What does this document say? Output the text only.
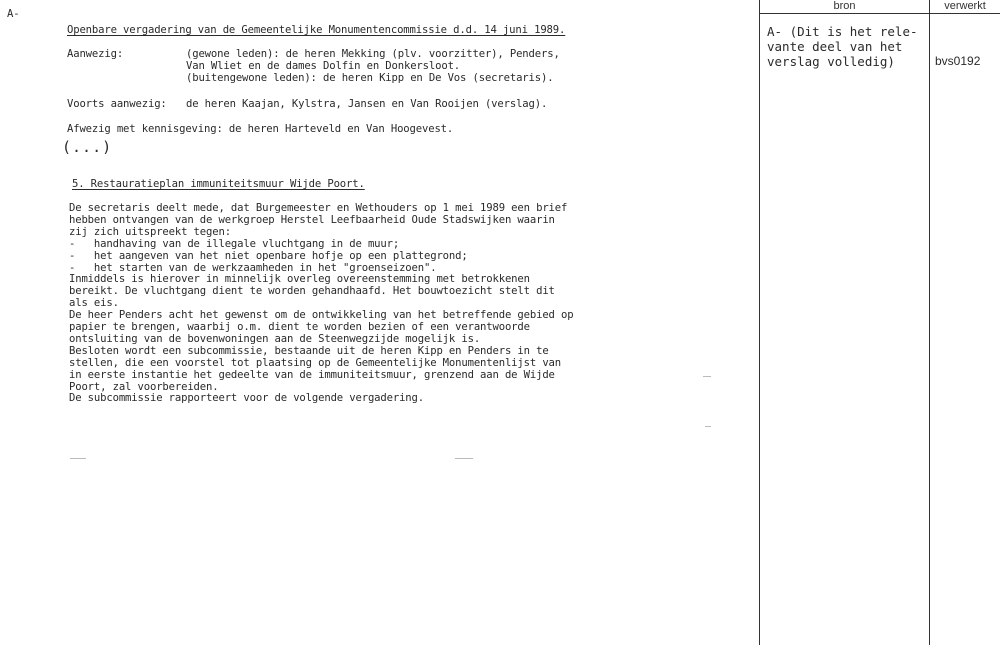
A-
Openbare vergadering van de Gemeentelijke Monumentencommissie d.d. 14 juni 1989.
Aanwezig:	(gewone leden): de heren Mekking (plv. voorzitter), Penders,
Van Wliet en de dames Dolfin en Donkersloot.
(buitengewone leden): de heren Kipp en De Vos (secretaris).
Voorts aanwezig: de heren Kaajan, Kylstra, Jansen en Van Rooijen (verslag).
Afwezig met kennisgeving: de heren Harteveld en Van Hoogevest.
(...)
5. Restauratieplan immuniteitsmuur Wijde Poort.
De secretaris deelt mede, dat Burgemeester en Wethouders op 1 mei 1989 een brief
hebben ontvangen van de werkgroep Herstel Leefbaarheid Oude Stadswijken waarin
zij zich uitspreekt tegen:
-   handhaving van de illegale vluchtgang in de muur;
-   het aangeven van het niet openbare hofje op een plattegrond;
-   het starten van de werkzaamheden in het "groenseizoen".
Inmiddels is hierover in minnelijk overleg overeenstemming met betrokkenen
bereikt. De vluchtgang dient te worden gehandhaafd. Het bouwtoezicht stelt dit
als eis.
De heer Penders acht het gewenst om de ontwikkeling van het betreffende gebied op
papier te brengen, waarbij o.m. dient te worden bezien of een verantwoorde
ontsluiting van de bovenwoningen aan de Steenwegzijde mogelijk is.
Besloten wordt een subcommissie, bestaande uit de heren Kipp en Penders in te
stellen, die een voorstel tot plaatsing op de Gemeentelijke Monumentenlijst van
in eerste instantie het gedeelte van de immuniteitsmuur, grenzend aan de Wijde
Poort, zal voorbereiden.
De subcommissie rapporteert voor de volgende vergadering.
bron	verwerkt
A- (Dit is het rele-
vante deel van het
verslag volledig)	bvs0192
